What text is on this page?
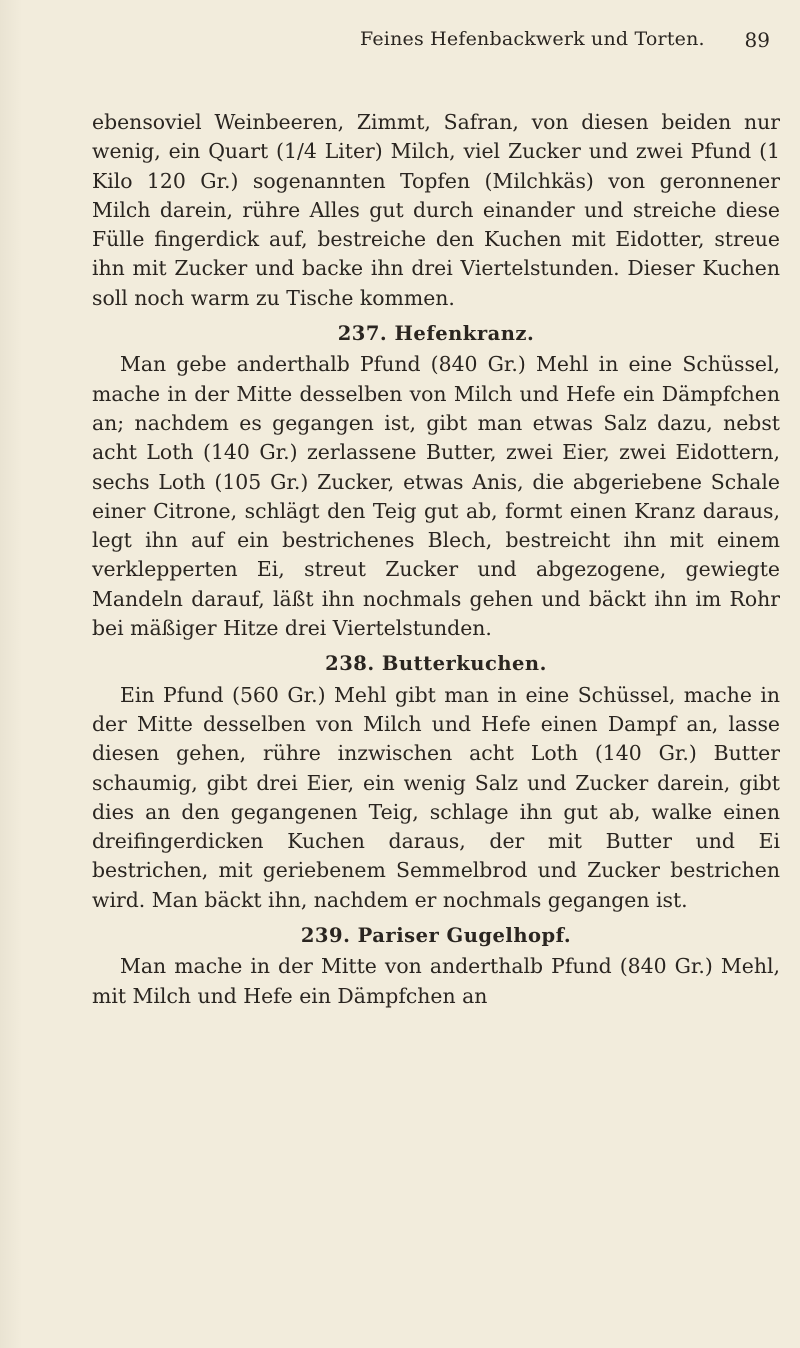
Feines Hefenbackwerk und Torten. 89

ebensoviel Weinbeeren, Zimmt, Safran, von diesen beiden nur wenig, ein Quart (1/4 Liter) Milch, viel Zucker und zwei Pfund (1 Kilo 120 Gr.) sogenannten Topfen (Milchkäs) von geronnener Milch darein, rühre Alles gut durch einander und streiche diese Fülle fingerdick auf, bestreiche den Kuchen mit Eidotter, streue ihn mit Zucker und backe ihn drei Viertelstunden. Dieser Kuchen soll noch warm zu Tische kommen.

237. Hefenkranz.

Man gebe anderthalb Pfund (840 Gr.) Mehl in eine Schüssel, mache in der Mitte desselben von Milch und Hefe ein Dämpfchen an; nachdem es gegangen ist, gibt man etwas Salz dazu, nebst acht Loth (140 Gr.) zerlassene Butter, zwei Eier, zwei Eidottern, sechs Loth (105 Gr.) Zucker, etwas Anis, die abgeriebene Schale einer Citrone, schlägt den Teig gut ab, formt einen Kranz daraus, legt ihn auf ein bestrichenes Blech, bestreicht ihn mit einem verklepperten Ei, streut Zucker und abgezogene, gewiegte Mandeln darauf, läßt ihn nochmals gehen und bäckt ihn im Rohr bei mäßiger Hitze drei Viertelstunden.

238. Butterkuchen.

Ein Pfund (560 Gr.) Mehl gibt man in eine Schüssel, mache in der Mitte desselben von Milch und Hefe einen Dampf an, lasse diesen gehen, rühre inzwischen acht Loth (140 Gr.) Butter schaumig, gibt drei Eier, ein wenig Salz und Zucker darein, gibt dies an den gegangenen Teig, schlage ihn gut ab, walke einen dreifingerdicken Kuchen daraus, der mit Butter und Ei bestrichen, mit geriebenem Semmelbrod und Zucker bestrichen wird. Man bäckt ihn, nachdem er nochmals gegangen ist.

239. Pariser Gugelhopf.

Man mache in der Mitte von anderthalb Pfund (840 Gr.) Mehl, mit Milch und Hefe ein Dämpfchen an
